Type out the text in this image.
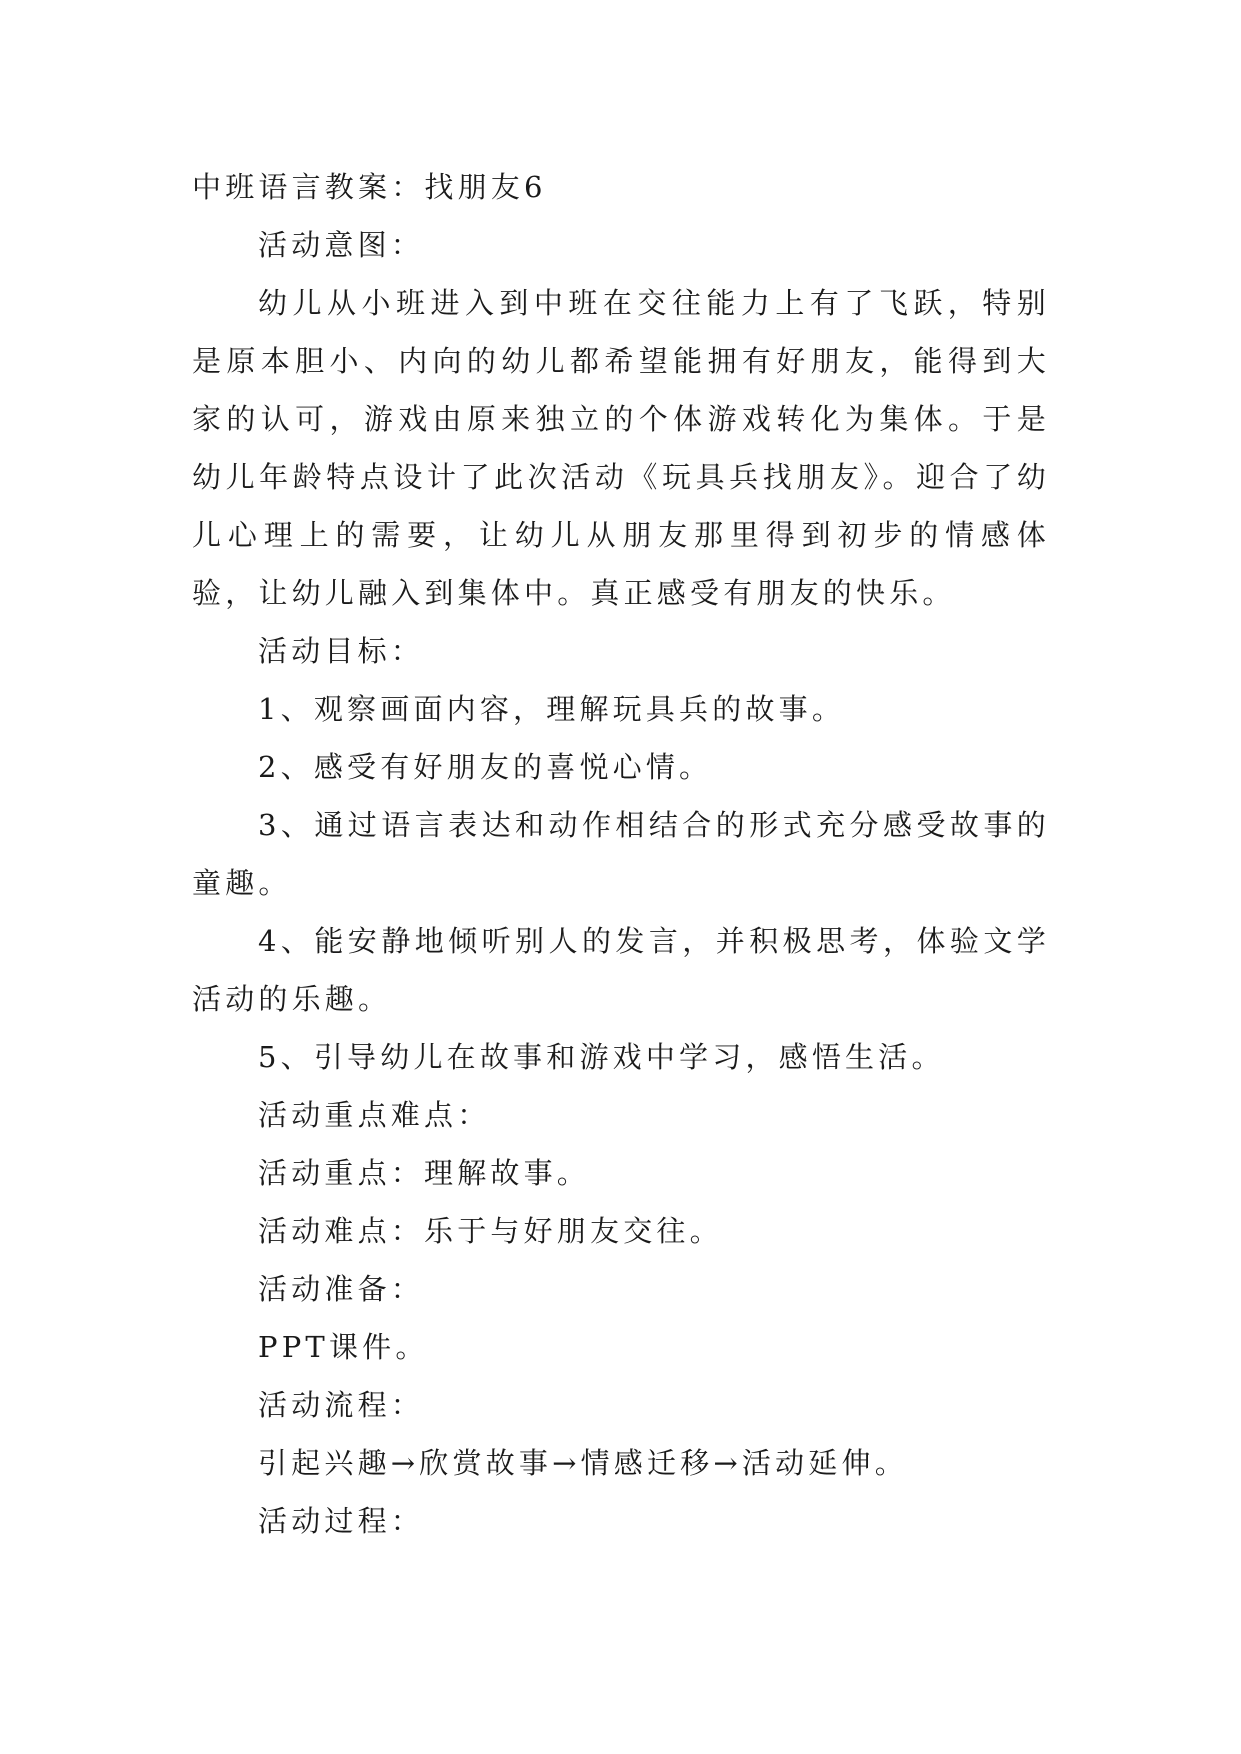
中班语言教案：找朋友6
活动意图：

幼儿从小班进入到中班在交往能力上有了飞跃，特别是原本胆小、内向的幼儿都希望能拥有好朋友，能得到大家的认可，游戏由原来独立的个体游戏转化为集体。于是幼儿年龄特点设计了此次活动《玩具兵找朋友》。迎合了幼儿心理上的需要，让幼儿从朋友那里得到初步的情感体验，让幼儿融入到集体中。真正感受有朋友的快乐。

活动目标：

1、观察画面内容，理解玩具兵的故事。

2、感受有好朋友的喜悦心情。

3、通过语言表达和动作相结合的形式充分感受故事的童趣。

4、能安静地倾听别人的发言，并积极思考，体验文学活动的乐趣。

5、引导幼儿在故事和游戏中学习，感悟生活。

活动重点难点：
活动重点：理解故事。
活动难点：乐于与好朋友交往。
活动准备：
PPT课件。
活动流程：
引起兴趣→欣赏故事→情感迁移→活动延伸。
活动过程：
